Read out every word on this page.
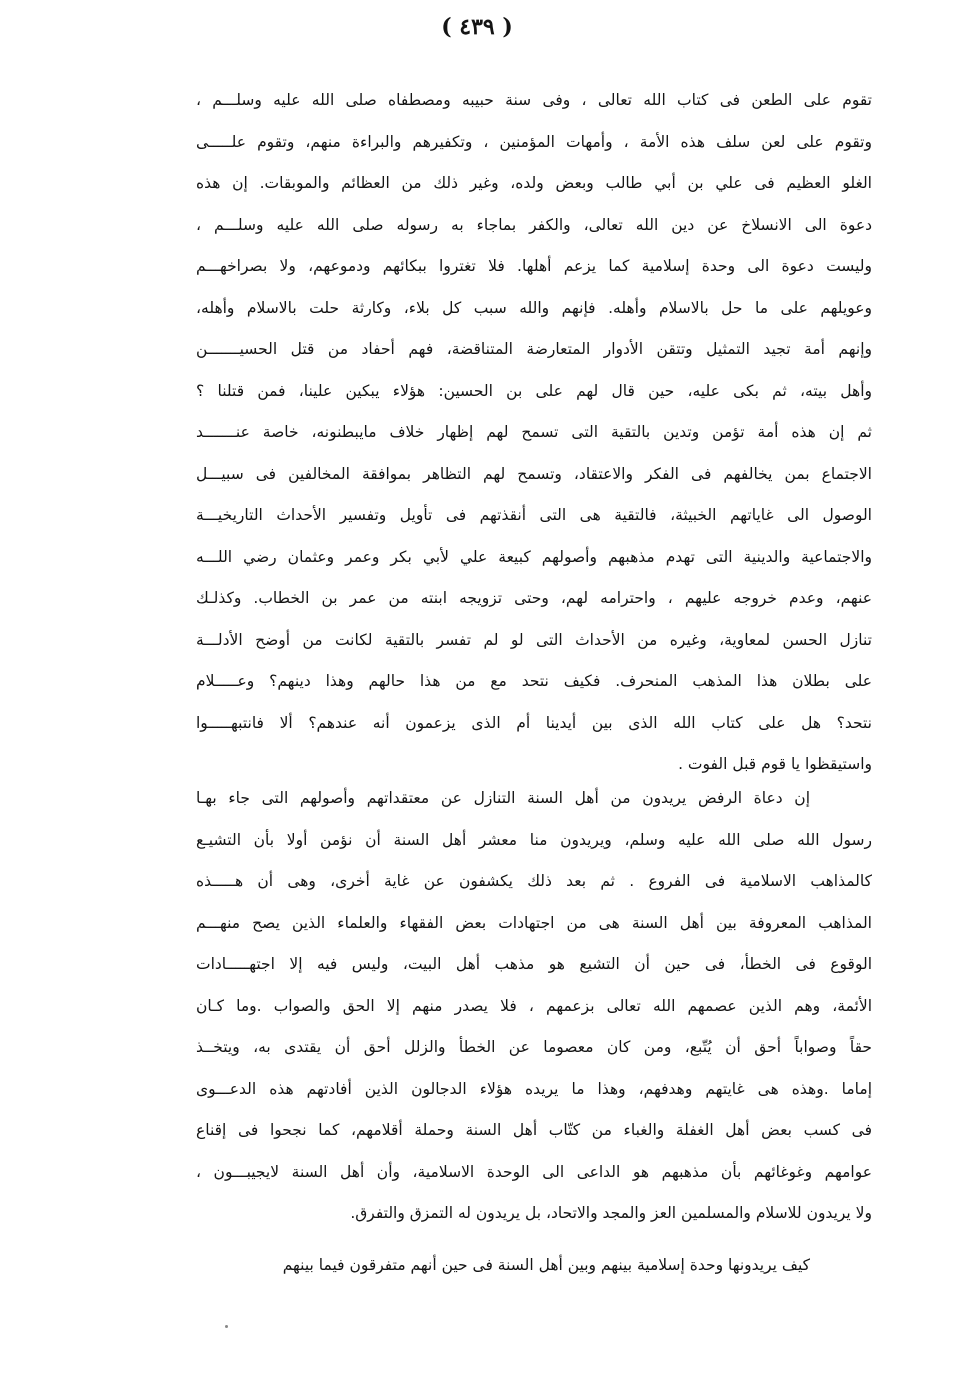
( ٤٣٩ )
تقوم على الطعن فى كتاب الله تعالى ، وفى سنة حبيبه ومصطفاه صلى الله عليه وسلـــم ،
وتقوم على لعن سلف هذه الأمة ، وأمهات المؤمنين ، وتكفيرهم والبراءة منهم، وتقوم علـــــى
الغلو العظيم فى علي بن أبي طالب وبعض ولده، وغير ذلك من العظائم والموبقات. إن هذه
دعوة الى الانسلاخ عن دين الله تعالى، والكفر بماجاء به رسوله صلى الله عليه وسلـــم ،
وليست دعوة الى وحدة إسلامية كما يزعم أهلها. فلا تغتروا ببكائهم ودموعهم، ولا بصراخهـــم
وعويلهم على ما حل بالاسلام وأهله. فإنهم والله سبب كل بلاء، وكارثة حلت بالاسلام وأهله،
وإنهم أمة تجيد التمثيل وتتقن الأدوار المتعارضة المتناقضة، فهم أحفاد من قتل الحسيـــــــن
وأهل بيته، ثم بكى عليه، حين قال لهم على بن الحسين: هؤلاء يبكين علينا، فمن قتلنا ؟
ثم إن هذه أمة تؤمن وتدين بالتقية التى تسمح لهم إظهار خلاف مايبطنونه، خاصة عنـــــــد
الاجتماع بمن يخالفهم فى الفكر والاعتقاد، وتسمح لهم التظاهر بموافقة المخالفين فى سبيـــل
الوصول الى غاياتهم الخبيثة، فالتقية هى التى أنقذتهم فى تأويل وتفسير الأحداث التاريخيـــة
والاجتماعية والدينية التى تهدم مذهبهم وأصولهم كبيعة علي لأبي بكر وعمر وعثمان رضي اللـــه
عنهم، وعدم خروجه عليهم ، واحترامه لهم، وحتى تزويجه ابنته من عمر بن الخطاب. وكذلـك
تنازل الحسن لمعاوية، وغيره من الأحداث التى لو لم تفسر بالتقية لكانت من أوضح الأدلـــة
على بطلان هذا المذهب المنحرف. فكيف نتحد مع من هذا حالهم وهذا دينهم؟ وعـــــلام
نتحد؟ هل على كتاب الله الذى بين أيدينا أم الذى يزعمون أنه عندهم؟ ألا فانتبهـــــوا
واستيقظوا يا قوم قبل الفوت .
إن دعاة الرفض يريدون من أهل السنة التنازل عن معتقداتهم وأصولهم التى جاء بهـا
رسول الله صلى الله عليه وسلم، ويريدون منا معشر أهل السنة أن نؤمن أولا بأن التشيـع
كالمذاهب الاسلامية فى الفروع . ثم بعد ذلك يكشفون عن غاية أخرى، وهى أن هـــــذه
المذاهب المعروفة بين أهل السنة هى من اجتهادات بعض الفقهاء والعلماء الذين يصح منهـــم
الوقوع فى الخطأ، فى حين أن التشيع هو مذهب أهل البيت، وليس فيه إلا اجتهـــــادات
الأئمة، وهم الذين عصمهم الله تعالى بزعمهم ، فلا يصدر منهم إلا الحق والصواب .وما كـان
حقاً وصواباً أحق أن يُتّبع، ومن كان معصوما عن الخطأ والزلل أحق أن يقتدى به، ويتخــذ
إماما .وهذه هى غايتهم وهدفهم، وهذا ما يريده هؤلاء الدجالون الذين أفادتهم هذه الدعـــوى
فى كسب بعض أهل الغفلة والغباء من كتّاب أهل السنة وحملة أقلامهم، كما نجحوا فى إقناع
عوامهم وغوغائهم بأن مذهبهم هو الداعى الى الوحدة الاسلامية، وأن أهل السنة لايجيبـــون ،
ولا يريدون للاسلام والمسلمين العز والمجد والاتحاد، بل يريدون له التمزق والتفرق.
كيف يريدونها وحدة إسلامية بينهم وبين أهل السنة فى حين أنهم متفرقون فيما بينهم
